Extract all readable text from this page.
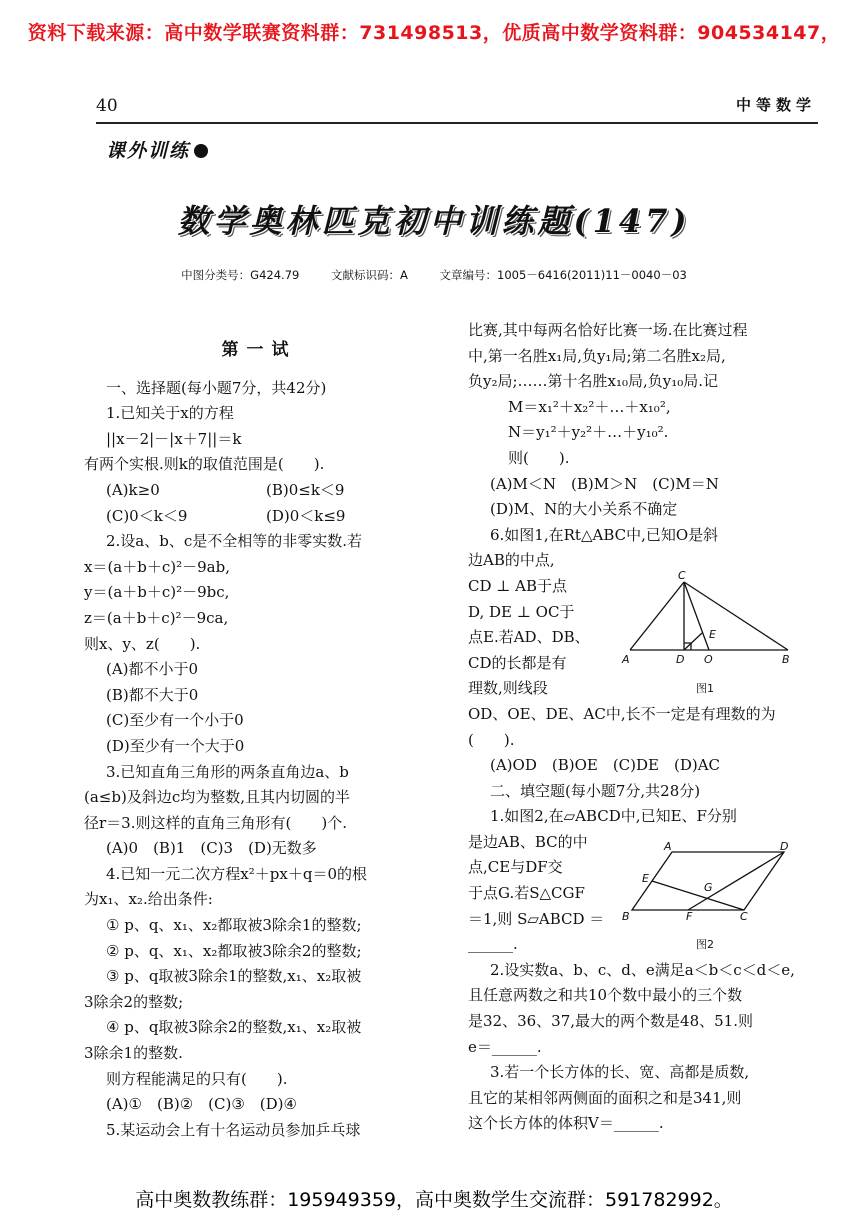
资料下载来源：高中数学联赛资料群：731498513，优质高中数学资料群：904534147，
40	中等数学
课外训练
数学奥林匹克初中训练题(147)
中图分类号：G424.79	文献标识码：A	文章编号：1005－6416(2011)11－0040－03

第一试

一、选择题(每小题7分，共42分)

1.已知关于x的方程

||x－2|－|x＋7||＝k

有两个实根.则k的取值范围是(　　).

(A)k≥0	(B)0≤k＜9

(C)0＜k＜9	(D)0＜k≤9

2.设a、b、c是不全相等的非零实数.若

x＝(a＋b＋c)²－9ab,

y＝(a＋b＋c)²－9bc,

z＝(a＋b＋c)²－9ca,

则x、y、z(　　).

(A)都不小于0

(B)都不大于0

(C)至少有一个小于0

(D)至少有一个大于0

3.已知直角三角形的两条直角边a、b

(a≤b)及斜边c均为整数,且其内切圆的半

径r＝3.则这样的直角三角形有(　　)个.

(A)0　(B)1　(C)3　(D)无数多

4.已知一元二次方程x²＋px＋q＝0的根

为x₁、x₂.给出条件:

① p、q、x₁、x₂都取被3除余1的整数;

② p、q、x₁、x₂都取被3除余2的整数;

③ p、q取被3除余1的整数,x₁、x₂取被

3除余2的整数;

④ p、q取被3除余2的整数,x₁、x₂取被

3除余1的整数.

则方程能满足的只有(　　).

(A)①　(B)②　(C)③　(D)④

5.某运动会上有十名运动员参加乒乓球

比赛,其中每两名恰好比赛一场.在比赛过程

中,第一名胜x₁局,负y₁局;第二名胜x₂局,

负y₂局;……第十名胜x₁₀局,负y₁₀局.记

M＝x₁²＋x₂²＋…＋x₁₀²,

N＝y₁²＋y₂²＋…＋y₁₀².

则(　　).

(A)M＜N　(B)M＞N　(C)M＝N

(D)M、N的大小关系不确定

6.如图1,在Rt△ABC中,已知O是斜

边AB的中点,

CD ⊥ AB于点

D, DE ⊥ OC于

点E.若AD、DB、

CD的长都是有

理数,则线段

OD、OE、DE、AC中,长不一定是有理数的为

(　　).

(A)OD　(B)OE　(C)DE　(D)AC

二、填空题(每小题7分,共28分)

1.如图2,在▱ABCD中,已知E、F分别

是边AB、BC的中

点,CE与DF交

于点G.若S△CGF

＝1,则 S▱ABCD ＝

______.

2.设实数a、b、c、d、e满足a＜b＜c＜d＜e,

且任意两数之和共10个数中最小的三个数

是32、36、37,最大的两个数是48、51.则

e＝______.

3.若一个长方体的长、宽、高都是质数,

且它的某相邻两侧面的面积之和是341,则

这个长方体的体积V＝______.

A	D O	B
C
E
图1
A	D
B	F	C
E
G
图2
高中奥数教练群：195949359，高中奥数学生交流群：591782992。
